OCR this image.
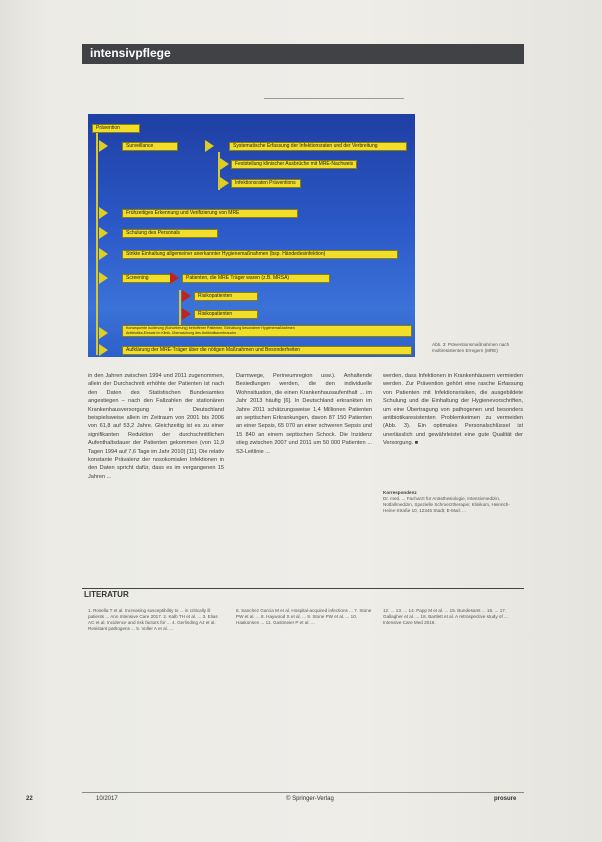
intensivpflege
Prävention
Surveillance	Systematische Erfassung der Infektionsraten und der Verbreitung
Feststellung klinischer Ausbrüche mit MRE-Nachweis
Infektionsraten Präventions
Frühzeitiges Erkennung und Verifizierung von MRE
Schulung des Personals
Strikte Einhaltung allgemeiner anerkannter Hygienemaßnahmen (bsp. Händedesinfektion)
Screening	Patienten, die MRE Träger waren (z.B. MRSA)
Risikopatienten
Risikopatienten
Konsequente Isolierung (Kohortierung) betroffener Patienten, Einhaltung besonderer Hygienemaßnahmen
Antibiotika-Einsatz im Klinik, Überwachung des Antibiotikaverbrauchs
Aufklärung der MRE-Träger über die nötigen Maßnahmen und Besonderheiten
Abb. 3: Präventionsmaßnahmen nach multiresistenten Erregern (MRE)
in den Jahren zwischen 1994 und 2011 zugenommen, allein der Durchschnitt erhöhte der Patienten ist nach den Daten des Statistischen Bundesamtes angestiegen – nach den Fallzahlen der stationären Krankenhausversorgung in Deutschland beispielsweise allein im Zeitraum von 2001 bis 2006 von 61,8 auf 53,2 Jahre. Gleichzeitig ist es zu einer signifikanten Reduktion der durchschnittlichen Aufenthaltsdauer der Patienten gekommen (von 11,9 Tagen 1994 auf 7,6 Tage im Jahr 2010) [11]. Die relativ konstante Prävalenz der nosokomialen Infektionen in den Daten spricht dafür, dass es im vergangenen 15 Jahren ...
Darmwege, Perineumregion usw.). Anhaltende Besiedlungen werden, die den individuelle Wohnsituation, die einen Krankenhausaufenthalt ... im Jahr 2013 häufig [6]. In Deutschland erkrankten im Jahre 2011 schätzungsweise 1,4 Millionen Patienten an septischen Erkrankungen, davon 87 150 Patienten an einer Sepsis, 65 070 an einer schweren Sepsis und 15 840 an einem septischen Schock. Die Inzidenz stieg zwischen 2007 und 2011 um 50 000 Patienten ... S3-Leitlinie ...
werden, dass Infektionen in Krankenhäusern vermieden werden. Zur Prävention gehört eine rasche Erfassung von Patienten mit Infektionsrisiken, die ausgebildete Schulung und die Einhaltung der Hygienevorschriften, um eine Übertragung von pathogenen und besonders antibiotikaresistenten Problemkeimen zu vermeiden (Abb. 3). Ein optimales Personalschlüssel ist unerlässlich und gewährleistet eine gute Qualität der Versorgung. ■
Korrespondenz
Dr. med. ... Facharzt für Anästhesiologie, Intensivmedizin, Notfallmedizin, Spezielle Schmerztherapie; Klinikum, Heinrich-Heine-Straße 10, 12345 Stadt; E-Mail: ...
LITERATUR
1. Rosella T et al. Increasing susceptibility to ... in critically ill patients ... Ann Intensive Care 2017. 2. Kalb TH et al. ... 3. Elias AC et al. Incidence and risk factors for ... 4. Gerlinding AJ et al. Resistant pathogens ... 5. Voller A et al. ...
6. Sanchez Garcia M et al. Hospital-acquired infections ... 7. Stone PW et al. ... 8. Haywood S et al. ... 9. Stone PW et al. ... 10. Haakonsen ... 11. Gastmeier P et al. ...
12. ... 13. ... 14. Papp M et al. ... 15. Bundesamt ... 16. ... 17. Gallagher et al. ... 18. Bartlett et al. A retrospective study of ... Intensive Care Med 2016.
22	10/2017	© Springer-Verlag	prosure
